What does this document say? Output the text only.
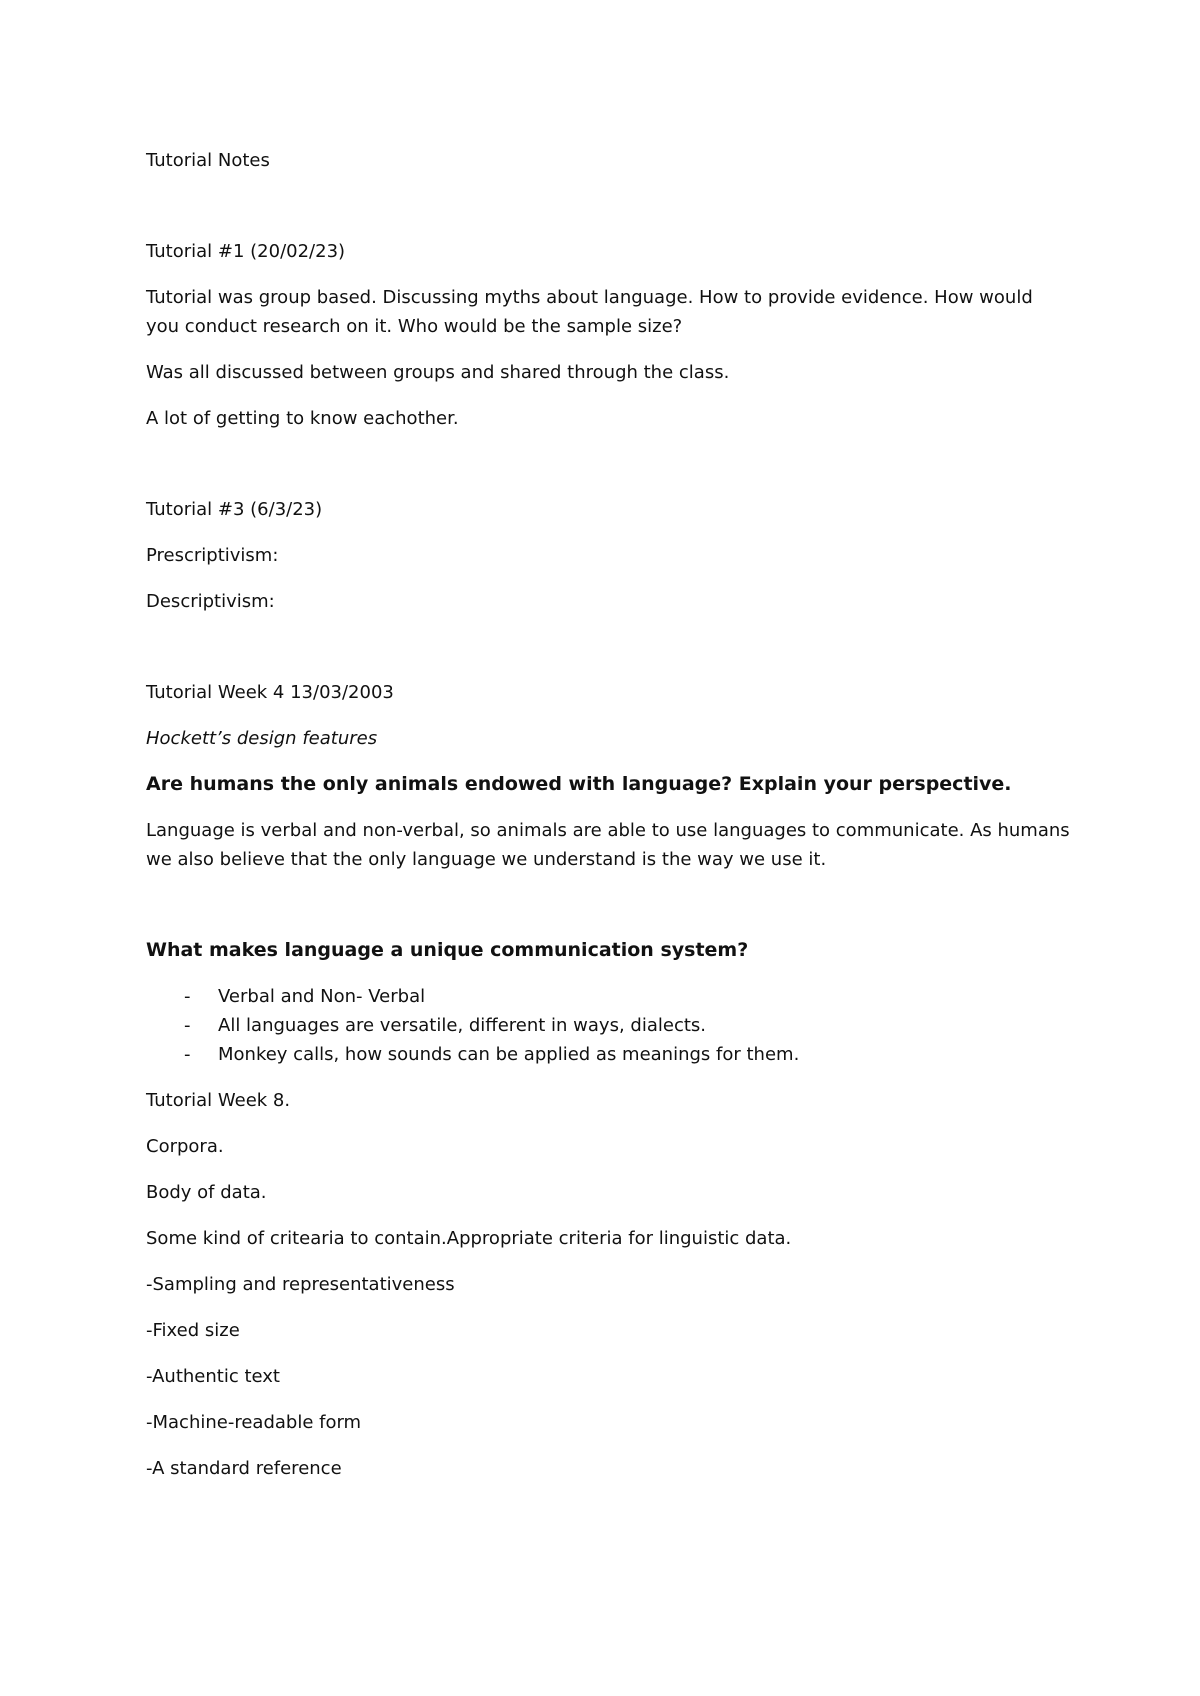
Tutorial Notes
Tutorial #1 (20/02/23)
Tutorial was group based. Discussing myths about language. How to provide evidence. How would
you conduct research on it. Who would be the sample size?
Was all discussed between groups and shared through the class.
A lot of getting to know eachother.
Tutorial #3 (6/3/23)
Prescriptivism:
Descriptivism:
Tutorial Week 4 13/03/2003
Hockett’s design features
Are humans the only animals endowed with language? Explain your perspective.
Language is verbal and non-verbal, so animals are able to use languages to communicate. As humans
we also believe that the only language we understand is the way we use it.
What makes language a unique communication system?
- Verbal and Non- Verbal
- All languages are versatile, different in ways, dialects.
- Monkey calls, how sounds can be applied as meanings for them.
Tutorial Week 8.
Corpora.
Body of data.
Some kind of critearia to contain.Appropriate criteria for linguistic data.
-Sampling and representativeness
-Fixed size
-Authentic text
-Machine-readable form
-A standard reference
